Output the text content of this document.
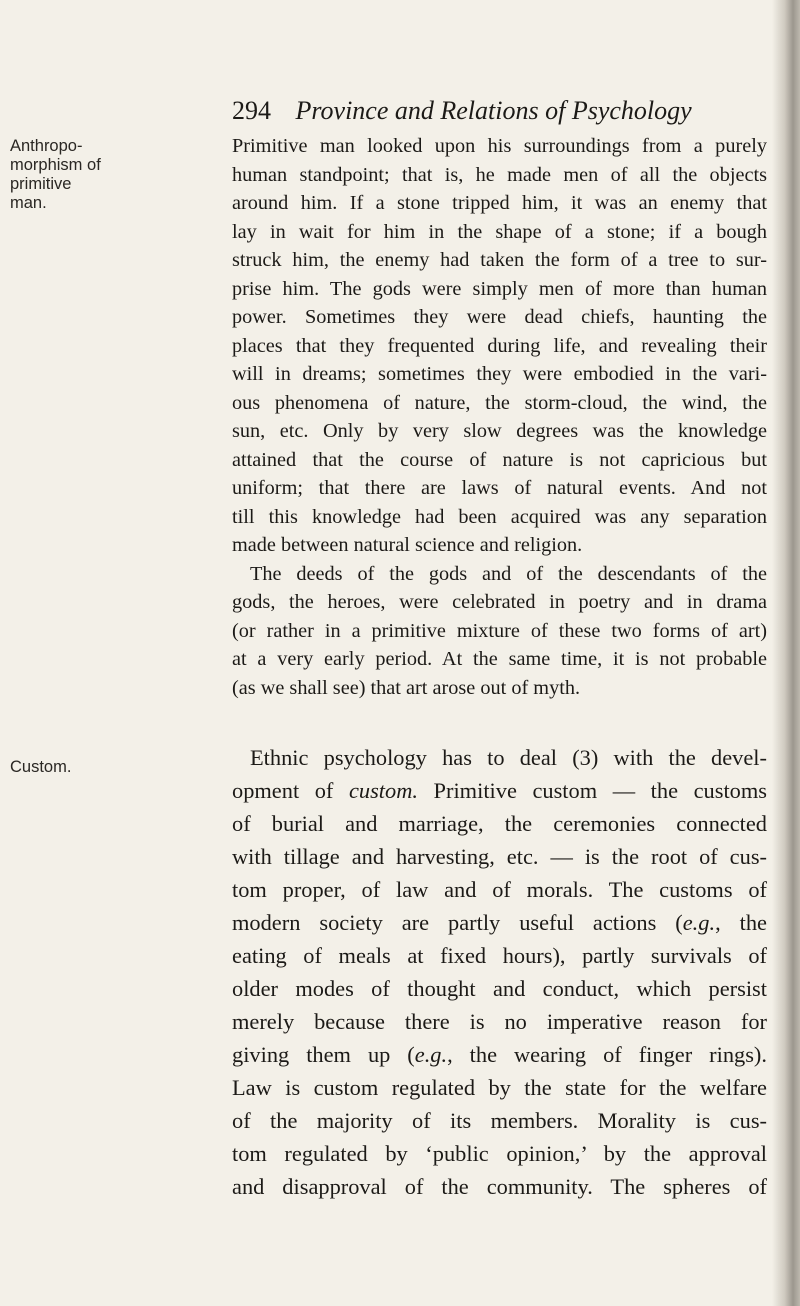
294 Province and Relations of Psychology
Anthropo-
morphism of
primitive
man.
Custom.
Primitive man looked upon his surroundings from a purely
human standpoint; that is, he made men of all the objects
around him. If a stone tripped him, it was an enemy that
lay in wait for him in the shape of a stone; if a bough
struck him, the enemy had taken the form of a tree to sur-
prise him. The gods were simply men of more than human
power. Sometimes they were dead chiefs, haunting the
places that they frequented during life, and revealing their
will in dreams; sometimes they were embodied in the vari-
ous phenomena of nature, the storm-cloud, the wind, the
sun, etc. Only by very slow degrees was the knowledge
attained that the course of nature is not capricious but
uniform; that there are laws of natural events. And not
till this knowledge had been acquired was any separation
made between natural science and religion.
The deeds of the gods and of the descendants of the
gods, the heroes, were celebrated in poetry and in drama
(or rather in a primitive mixture of these two forms of art)
at a very early period. At the same time, it is not probable
(as we shall see) that art arose out of myth.
Ethnic psychology has to deal (3) with the devel-
opment of custom. Primitive custom — the customs
of burial and marriage, the ceremonies connected
with tillage and harvesting, etc. — is the root of cus-
tom proper, of law and of morals. The customs of
modern society are partly useful actions (e.g., the
eating of meals at fixed hours), partly survivals of
older modes of thought and conduct, which persist
merely because there is no imperative reason for
giving them up (e.g., the wearing of finger rings).
Law is custom regulated by the state for the welfare
of the majority of its members. Morality is cus-
tom regulated by ‘public opinion,’ by the approval
and disapproval of the community. The spheres of
